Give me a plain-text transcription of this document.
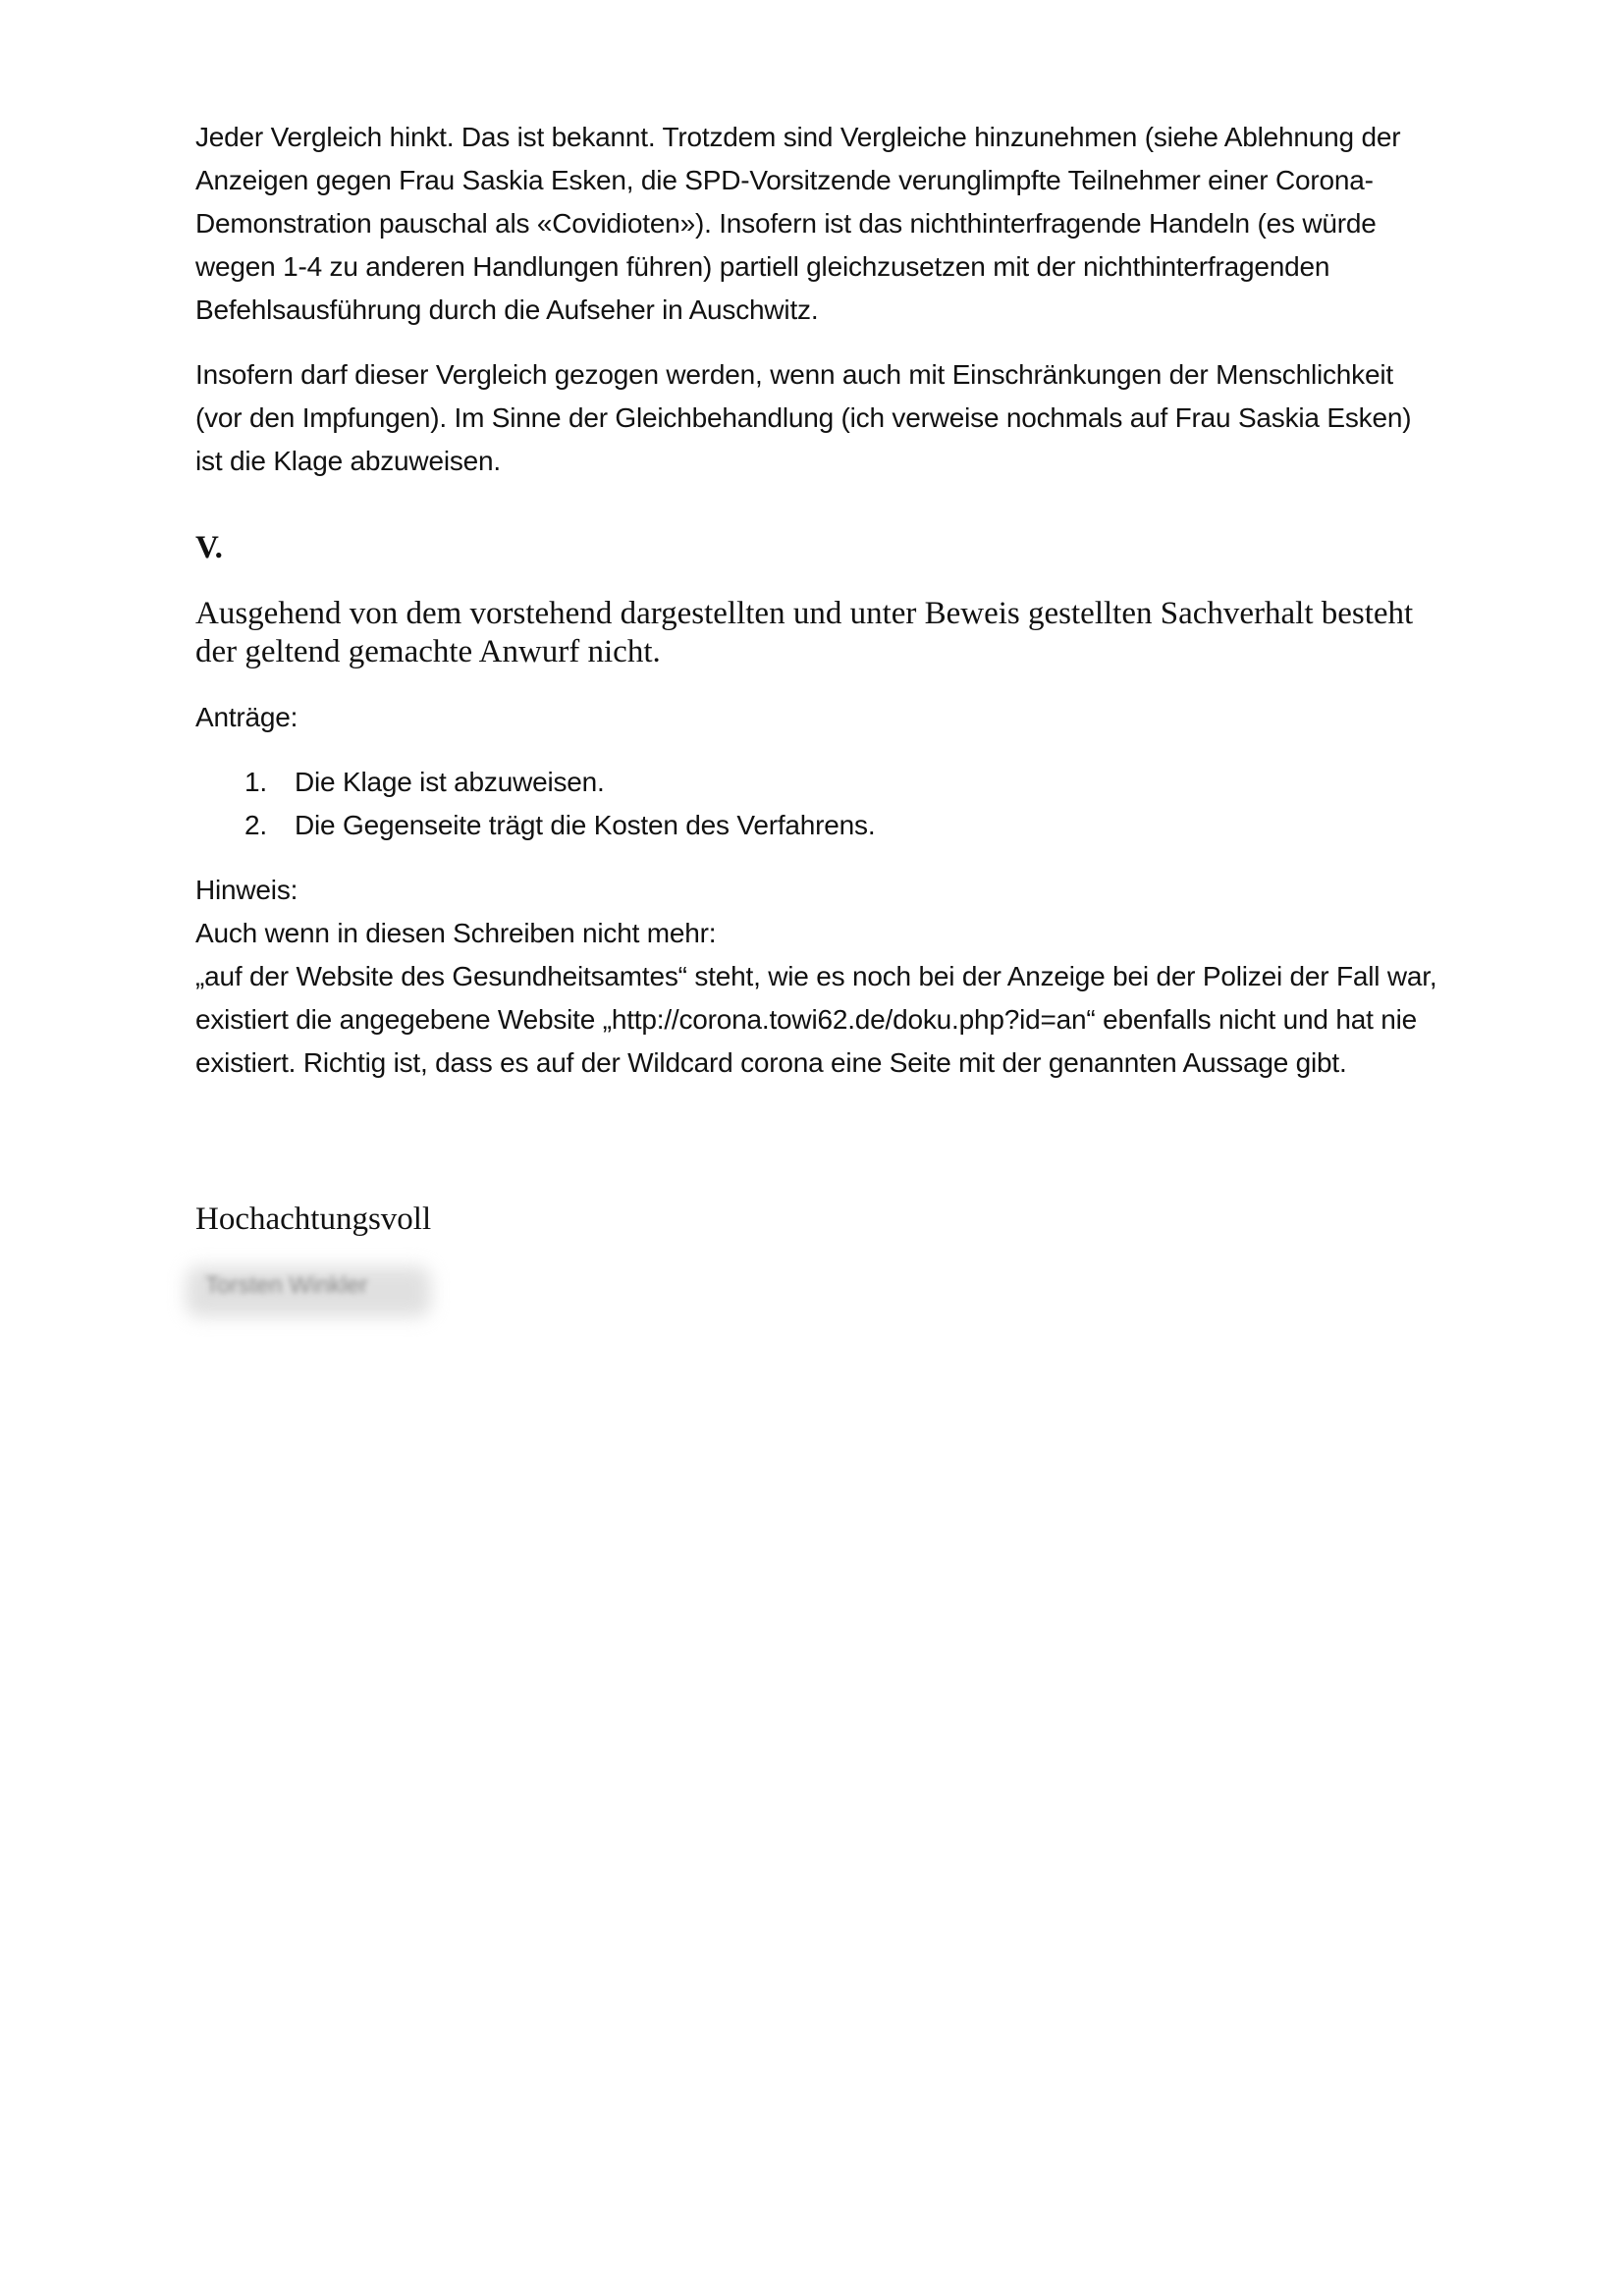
Jeder Vergleich hinkt. Das ist bekannt. Trotzdem sind Vergleiche hinzunehmen (siehe Ablehnung der Anzeigen gegen Frau Saskia Esken, die SPD-Vorsitzende verunglimpfte Teilnehmer einer Corona-Demonstration pauschal als «Covidioten»). Insofern ist das nichthinterfragende Handeln (es würde wegen 1-4 zu anderen Handlungen führen) partiell gleichzusetzen mit der nichthinterfragenden Befehlsausführung durch die Aufseher in Auschwitz.

Insofern darf dieser Vergleich gezogen werden, wenn auch mit Einschränkungen der Menschlichkeit (vor den Impfungen). Im Sinne der Gleichbehandlung (ich verweise nochmals auf Frau Saskia Esken) ist die Klage abzuweisen.

V.

Ausgehend von dem vorstehend dargestellten und unter Beweis gestellten Sachverhalt besteht der geltend gemachte Anwurf nicht.

Anträge:

1.	Die Klage ist abzuweisen.
2.	Die Gegenseite trägt die Kosten des Verfahrens.

Hinweis:

Auch wenn in diesen Schreiben nicht mehr:

„auf der Website des Gesundheitsamtes“ steht, wie es noch bei der Anzeige bei der Polizei der Fall war, existiert die angegebene Website „http://corona.towi62.de/doku.php?id=an“ ebenfalls nicht und hat nie existiert. Richtig ist, dass es auf der Wildcard corona eine Seite mit der genannten Aussage gibt.

Hochachtungsvoll
Torsten Winkler
